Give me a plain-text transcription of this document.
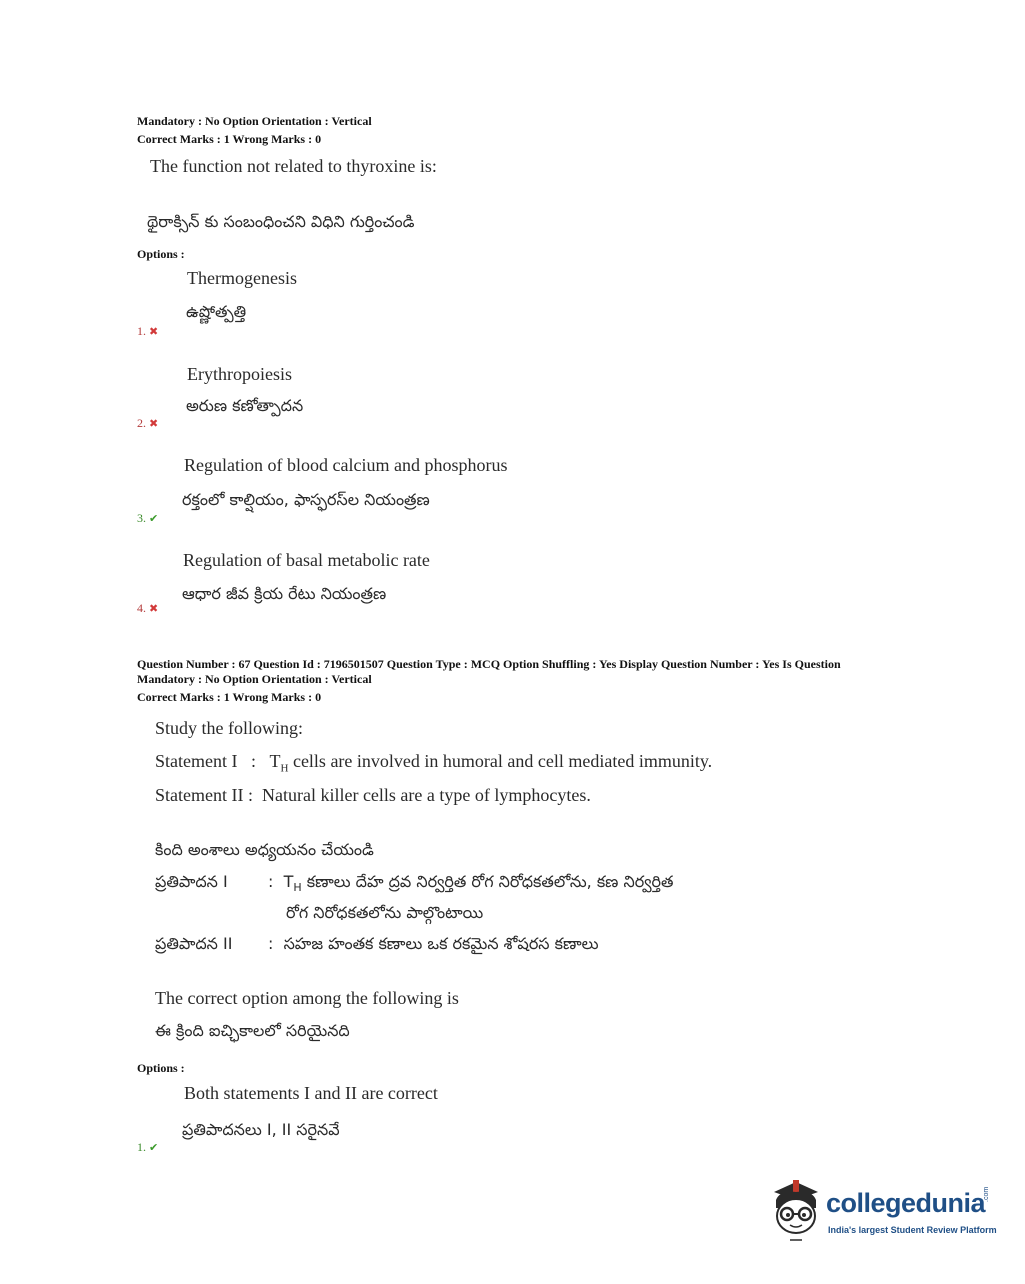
Mandatory : No Option Orientation : Vertical
Correct Marks : 1 Wrong Marks : 0
The function not related to thyroxine is:
థైరాక్సిన్ కు సంబంధించని విధిని గుర్తించండి
Options :
Thermogenesis
ఉష్ణోత్పత్తి
1. ✖
Erythropoiesis
అరుణ కణోత్పాదన
2. ✖
Regulation of blood calcium and phosphorus
రక్తంలో కాల్షియం, ఫాస్ఫరస్‌ల నియంత్రణ
3. ✔
Regulation of basal metabolic rate
ఆధార జీవ క్రియ రేటు నియంత్రణ
4. ✖
Question Number : 67 Question Id : 7196501507 Question Type : MCQ Option Shuffling : Yes Display Question Number : Yes Is Question
Mandatory : No Option Orientation : Vertical
Correct Marks : 1 Wrong Marks : 0
Study the following:
Statement I : $T_H$ cells are involved in humoral and cell mediated immunity.
Statement II : Natural killer cells are a type of lymphocytes.
కింది అంశాలు అధ్యయనం చేయండి
ప్రతిపాదన I	: $T_H$ కణాలు దేహ ద్రవ నిర్వర్తిత రోగ నిరోధకతలోను, కణ నిర్వర్తిత
రోగ నిరోధకతలోను పాల్గొంటాయి
ప్రతిపాదన II : సహజ హంతక కణాలు ఒక రకమైన శోషరస కణాలు
The correct option among the following is
ఈ క్రింది ఐచ్ఛికాలలో సరియైనది
Options :
Both statements I and II are correct
ప్రతిపాదనలు I, II సరైనవే
1. ✔
collegedunia
.com
India's largest Student Review Platform
